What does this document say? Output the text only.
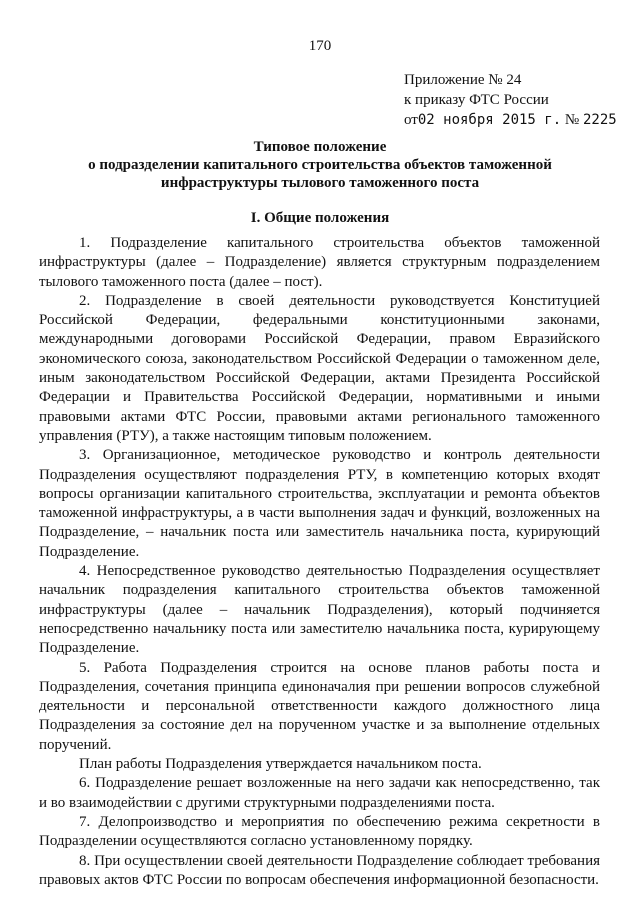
170
Приложение № 24
к приказу ФТС России
от02 ноября 2015 г. № 2225
Типовое положение
о подразделении капитального строительства объектов таможенной
инфраструктуры тылового таможенного поста
I. Общие положения

1. Подразделение капитального строительства объектов таможенной инфраструктуры (далее – Подразделение) является структурным подразделением тылового таможенного поста (далее – пост).

2. Подразделение в своей деятельности руководствуется Конституцией Российской Федерации, федеральными конституционными законами, международными договорами Российской Федерации, правом Евразийского экономического союза, законодательством Российской Федерации о таможенном деле, иным законодательством Российской Федерации, актами Президента Российской Федерации и Правительства Российской Федерации, нормативными и иными правовыми актами ФТС России, правовыми актами регионального таможенного управления (РТУ), а также настоящим типовым положением.

3. Организационное, методическое руководство и контроль деятельности Подразделения осуществляют подразделения РТУ, в компетенцию которых входят вопросы организации капитального строительства, эксплуатации и ремонта объектов таможенной инфраструктуры, а в части выполнения задач и функций, возложенных на Подразделение, – начальник поста или заместитель начальника поста, курирующий Подразделение.

4. Непосредственное руководство деятельностью Подразделения осуществляет начальник подразделения капитального строительства объектов таможенной инфраструктуры (далее – начальник Подразделения), который подчиняется непосредственно начальнику поста или заместителю начальника поста, курирующему Подразделение.

5. Работа Подразделения строится на основе планов работы поста и Подразделения, сочетания принципа единоначалия при решении вопросов служебной деятельности и персональной ответственности каждого должностного лица Подразделения за состояние дел на порученном участке и за выполнение отдельных поручений.

План работы Подразделения утверждается начальником поста.

6. Подразделение решает возложенные на него задачи как непосредственно, так и во взаимодействии с другими структурными подразделениями поста.

7. Делопроизводство и мероприятия по обеспечению режима секретности в Подразделении осуществляются согласно установленному порядку.

8. При осуществлении своей деятельности Подразделение соблюдает требования правовых актов ФТС России по вопросам обеспечения информационной безопасности.
